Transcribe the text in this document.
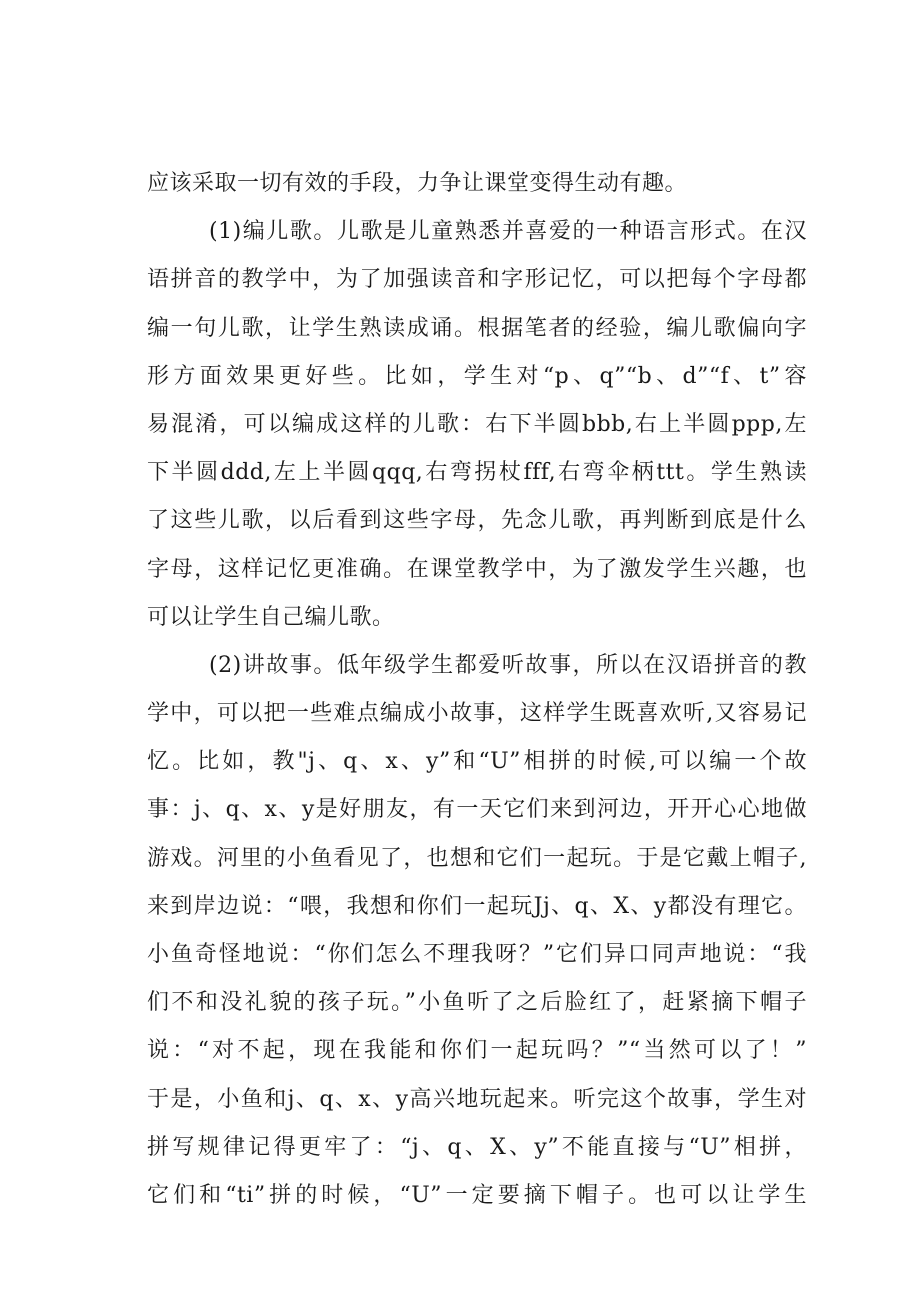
应该采取一切有效的手段，力争让课堂变得生动有趣。
(1)编儿歌。儿歌是儿童熟悉并喜爱的一种语言形式。在汉
语拼音的教学中，为了加强读音和字形记忆，可以把每个字母都
编一句儿歌，让学生熟读成诵。根据笔者的经验，编儿歌偏向字
形方面效果更好些。比如，学生对“p、q”“b、d”“f、t”容
易混淆，可以编成这样的儿歌：右下半圆bbb,右上半圆ppp,左
下半圆ddd,左上半圆qqq,右弯拐杖fff,右弯伞柄ttt。学生熟读
了这些儿歌，以后看到这些字母，先念儿歌，再判断到底是什么
字母，这样记忆更准确。在课堂教学中，为了激发学生兴趣，也
可以让学生自己编儿歌。
(2)讲故事。低年级学生都爱听故事，所以在汉语拼音的教
学中，可以把一些难点编成小故事，这样学生既喜欢听,又容易记
忆。比如，教"j、q、x、y”和“U”相拼的时候,可以编一个故
事：j、q、x、y是好朋友，有一天它们来到河边，开开心心地做
游戏。河里的小鱼看见了，也想和它们一起玩。于是它戴上帽子,
来到岸边说：“喂，我想和你们一起玩Jj、q、X、y都没有理它。
小鱼奇怪地说：“你们怎么不理我呀？”它们异口同声地说：“我
们不和没礼貌的孩子玩。”小鱼听了之后脸红了，赶紧摘下帽子
说：“对不起，现在我能和你们一起玩吗？”“当然可以了！”
于是，小鱼和j、q、x、y高兴地玩起来。听完这个故事，学生对
拼写规律记得更牢了：“j、q、X、y”不能直接与“U”相拼，
它们和“ti”拼的时候，“U”一定要摘下帽子。也可以让学生
